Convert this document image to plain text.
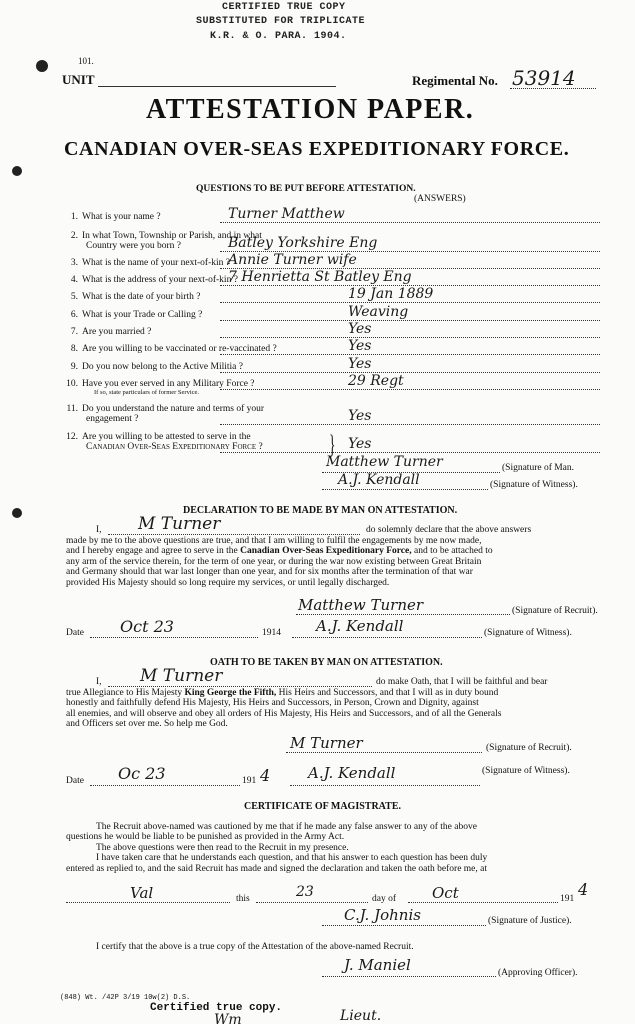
CERTIFIED TRUE COPY
SUBSTITUTED FOR TRIPLICATE
K.R. & O. PARA. 1904.
101.
UNIT	Regimental No. 53914
ATTESTATION PAPER.
CANADIAN OVER-SEAS EXPEDITIONARY FORCE.
QUESTIONS TO BE PUT BEFORE ATTESTATION.
(ANSWERS)
1. What is your name ?	Turner Matthew
2. In what Town, Township or Parish, and in what
Country were you born ?	Batley Yorkshire Eng
3. What is the name of your next-of-kin ?
Annie Turner wife
4. What is the address of your next-of-kin ?
7 Henrietta St Batley Eng
5. What is the date of your birth ?	19 Jan 1889
6. What is your Trade or Calling ?	Weaving
7. Are you married ?	Yes
8. Are you willing to be vaccinated or re-vaccinated ?	Yes
9. Do you now belong to the Active Militia ?	Yes
10. Have you ever served in any Military Force ?
If so, state particulars of former Service.
29 Regt
11. Do you understand the nature and terms of your
engagement ?	Yes
12. Are you willing to be attested to serve in the
Canadian Over-Seas Expeditionary Force ?	Yes
}
Matthew Turner	(Signature of Man.
A.J. Kendall	(Signature of Witness).
DECLARATION TO BE MADE BY MAN ON ATTESTATION.
I, M Turner	do solemnly declare that the above answers
made by me to the above questions are true, and that I am willing to fulfil the engagements by me now made,
and I hereby engage and agree to serve in the Canadian Over-Seas Expeditionary Force, and to be attached to
any arm of the service therein, for the term of one year, or during the war now existing between Great Britain
and Germany should that war last longer than one year, and for six months after the termination of that war
provided His Majesty should so long require my services, or until legally discharged.
Matthew Turner	(Signature of Recruit).
Date Oct 23	1914 A.J. Kendall	(Signature of Witness).
OATH TO BE TAKEN BY MAN ON ATTESTATION.
I, M Turner	do make Oath, that I will be faithful and bear
true Allegiance to His Majesty King George the Fifth, His Heirs and Successors, and that I will as in duty bound
honestly and faithfully defend His Majesty, His Heirs and Successors, in Person, Crown and Dignity, against
all enemies, and will observe and obey all orders of His Majesty, His Heirs and Successors, and of all the Generals
and Officers set over me. So help me God.
M Turner	(Signature of Recruit).
Date Oc 23	191 4	A.J. Kendall	(Signature of Witness).
CERTIFICATE OF MAGISTRATE.
The Recruit above-named was cautioned by me that if he made any false answer to any of the above
questions he would be liable to be punished as provided in the Army Act.
The above questions were then read to the Recruit in my presence.
I have taken care that he understands each question, and that his answer to each question has been duly
entered as replied to, and the said Recruit has made and signed the declaration and taken the oath before me, at
Val	this	23	day of Oct	191 4
C.J. Johnis	(Signature of Justice).
I certify that the above is a true copy of the Attestation of the above-named Recruit.
J. Maniel	(Approving Officer).
(848) Wt. /42P 3/19 10w(2) D.S.
Certified true copy.
Wm	Lieut.
